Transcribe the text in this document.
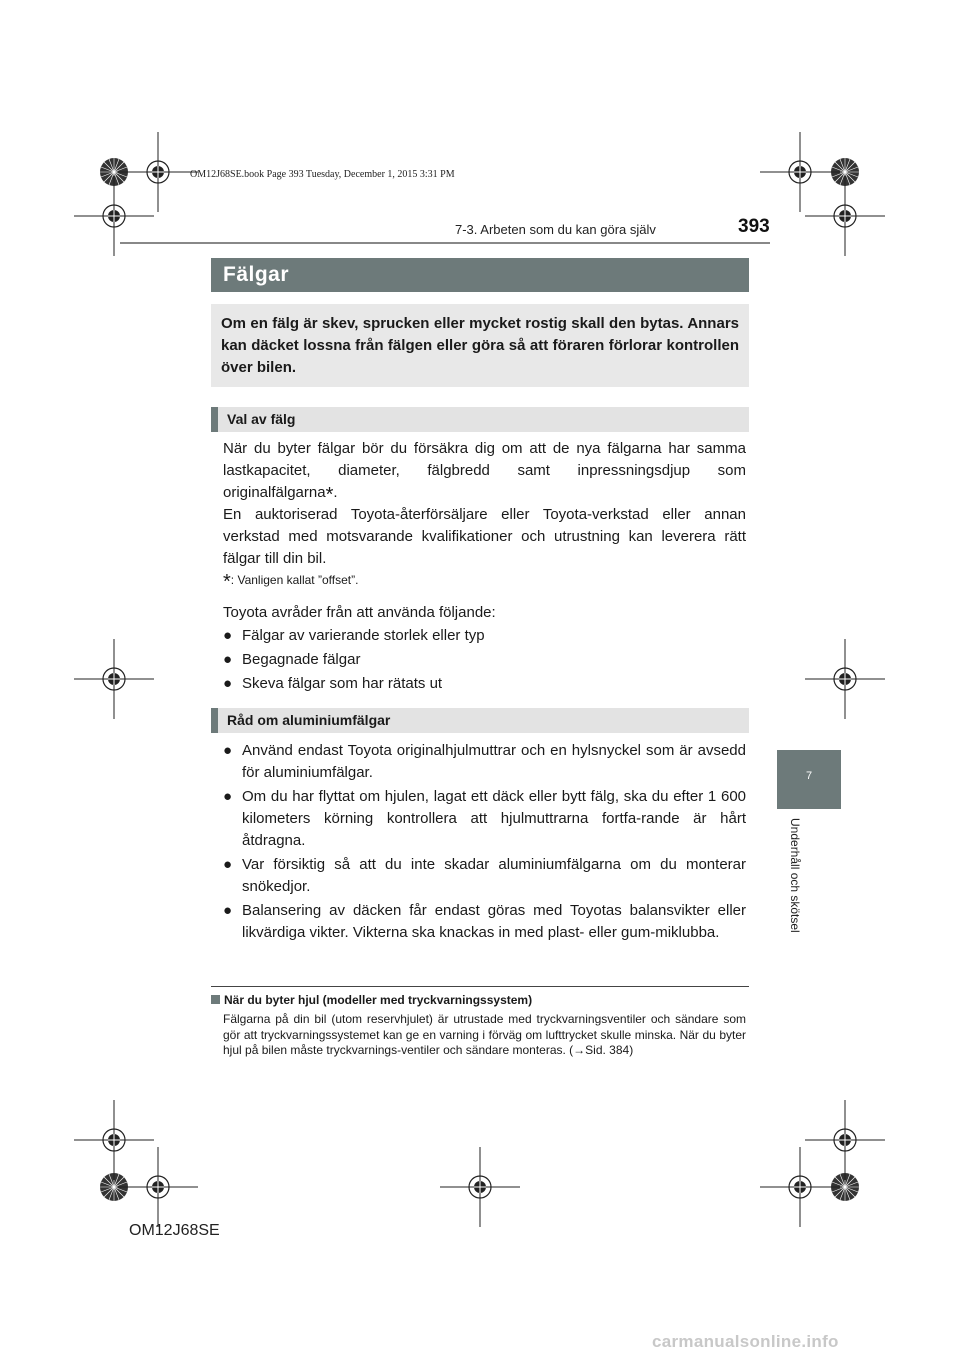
OM12J68SE.book Page 393 Tuesday, December 1, 2015 3:31 PM
7-3. Arbeten som du kan göra själv	393
7
Underhåll och skötsel
Fälgar
Om en fälg är skev, sprucken eller mycket rostig skall den bytas. Annars kan däcket lossna från fälgen eller göra så att föraren förlorar kontrollen över bilen.
Val av fälg

När du byter fälgar bör du försäkra dig om att de nya fälgarna har samma lastkapacitet, diameter, fälgbredd samt inpressningsdjup som originalfälgarna*.

En auktoriserad Toyota-återförsäljare eller Toyota-verkstad eller annan verkstad med motsvarande kvalifikationer och utrustning kan leverera rätt fälgar till din bil.

*: Vanligen kallat ”offset”.
Toyota avråder från att använda följande:
● Fälgar av varierande storlek eller typ
● Begagnade fälgar
● Skeva fälgar som har rätats ut
Råd om aluminiumfälgar
● Använd endast Toyota originalhjulmuttrar och en hylsnyckel som är avsedd för aluminiumfälgar.
● Om du har flyttat om hjulen, lagat ett däck eller bytt fälg, ska du efter 1 600 kilometers körning kontrollera att hjulmuttrarna fortfa-rande är hårt åtdragna.
● Var försiktig så att du inte skadar aluminiumfälgarna om du monterar snökedjor.
● Balansering av däcken får endast göras med Toyotas balansvikter eller likvärdiga vikter. Vikterna ska knackas in med plast- eller gum-miklubba.
När du byter hjul (modeller med tryckvarningssystem)
Fälgarna på din bil (utom reservhjulet) är utrustade med tryckvarningsventiler och sändare som gör att tryckvarningssystemet kan ge en varning i förväg om lufttrycket skulle minska. När du byter hjul på bilen måste tryckvarnings-ventiler och sändare monteras. (→Sid. 384)
OM12J68SE
carmanualsonline.info
